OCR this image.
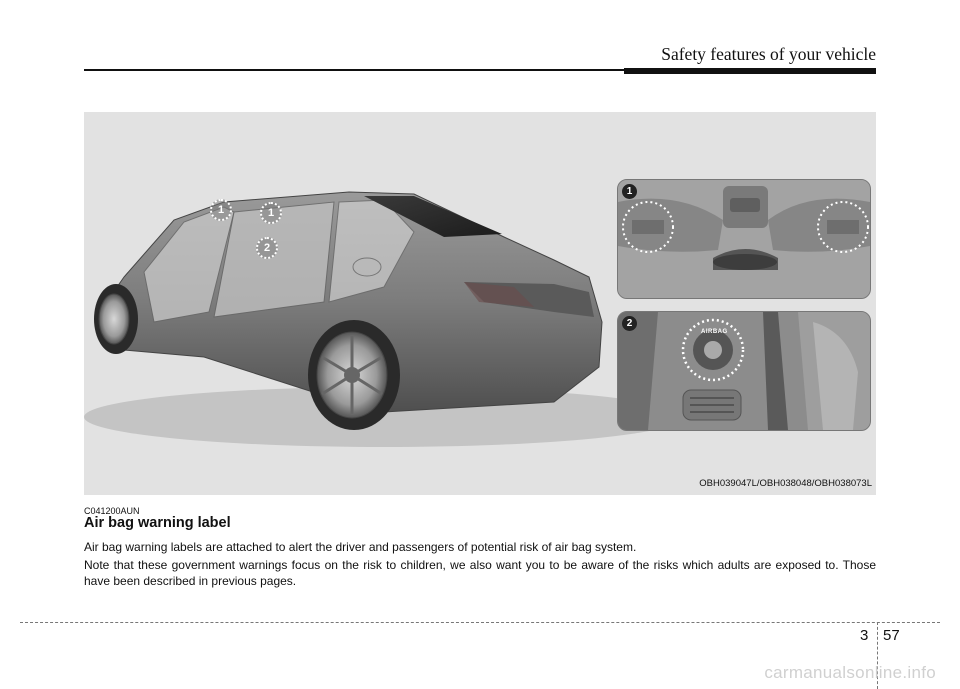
Safety features of your vehicle
1	1
2
1
AIRBAG
2
OBH039047L/OBH038048/OBH038073L
C041200AUN
Air bag warning label

Air bag warning labels are attached to alert the driver and passengers of potential risk of air bag system.

Note that these government warnings focus on the risk to children, we also want you to be aware of the risks which adults are exposed to. Those have been described in previous pages.

3 57
carmanualsonline.info
